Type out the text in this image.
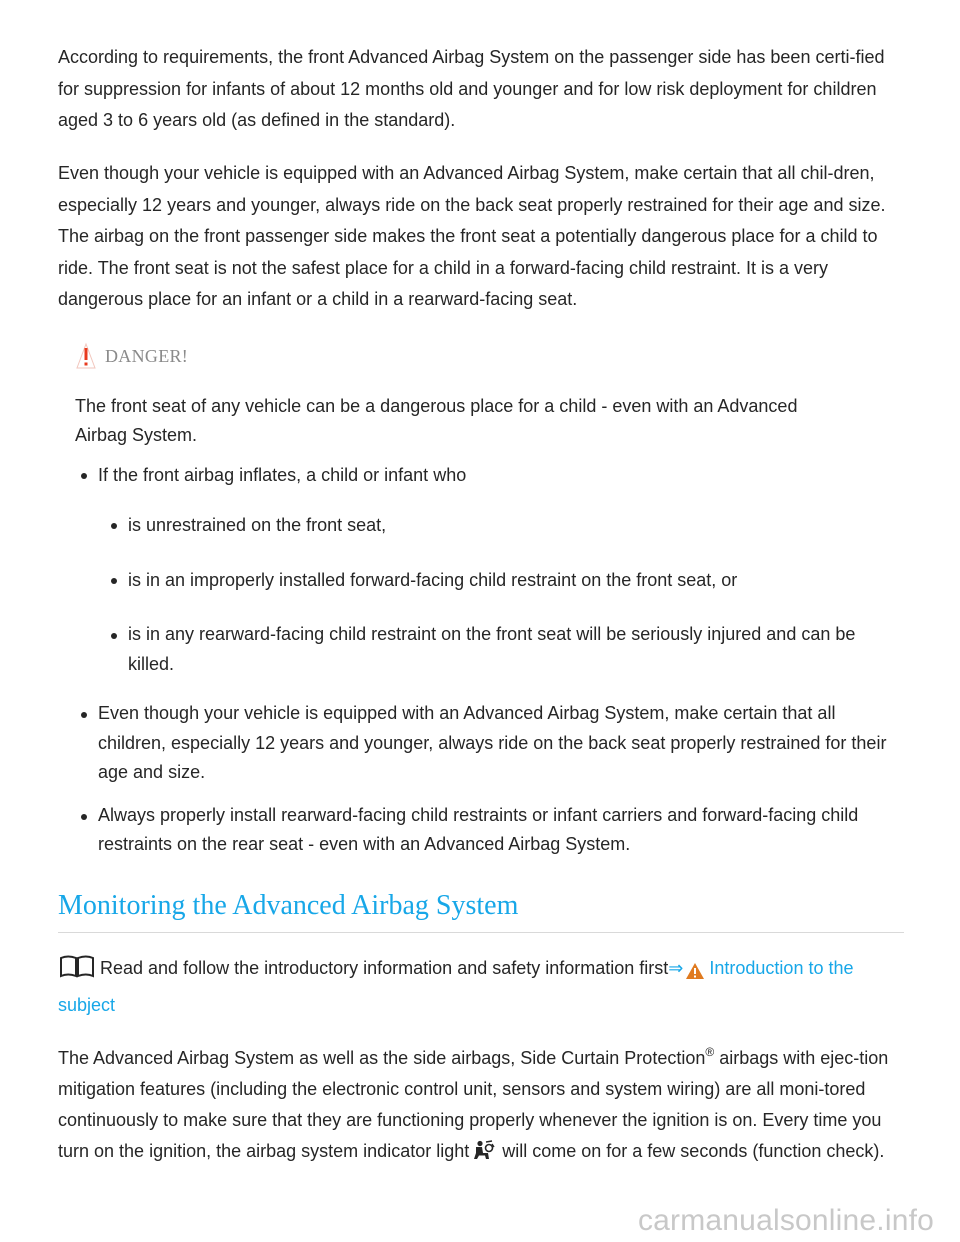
According to requirements, the front Advanced Airbag System on the passenger side has been certi-fied for suppression for infants of about 12 months old and younger and for low risk deployment for children aged 3 to 6 years old (as defined in the standard).

Even though your vehicle is equipped with an Advanced Airbag System, make certain that all chil-dren, especially 12 years and younger, always ride on the back seat properly restrained for their age and size. The airbag on the front passenger side makes the front seat a potentially dangerous place for a child to ride. The front seat is not the safest place for a child in a forward-facing child restraint. It is a very dangerous place for an infant or a child in a rearward-facing seat.

DANGER!

The front seat of any vehicle can be a dangerous place for a child - even with an Advanced Airbag System.

If the front airbag inflates, a child or infant who
is unrestrained on the front seat,
is in an improperly installed forward-facing child restraint on the front seat, or
is in any rearward-facing child restraint on the front seat will be seriously injured and can be killed.
Even though your vehicle is equipped with an Advanced Airbag System, make certain that all children, especially 12 years and younger, always ride on the back seat properly restrained for their age and size.
Always properly install rearward-facing child restraints or infant carriers and forward-facing child restraints on the rear seat - even with an Advanced Airbag System.
Monitoring the Advanced Airbag System
Read and follow the introductory information and safety information first⇒ Introduction to the subject

The Advanced Airbag System as well as the side airbags, Side Curtain Protection® airbags with ejec-tion mitigation features (including the electronic control unit, sensors and system wiring) are all moni-tored continuously to make sure that they are functioning properly whenever the ignition is on. Every time you turn on the ignition, the airbag system indicator light will come on for a few seconds (function check).

carmanualsonline.info
